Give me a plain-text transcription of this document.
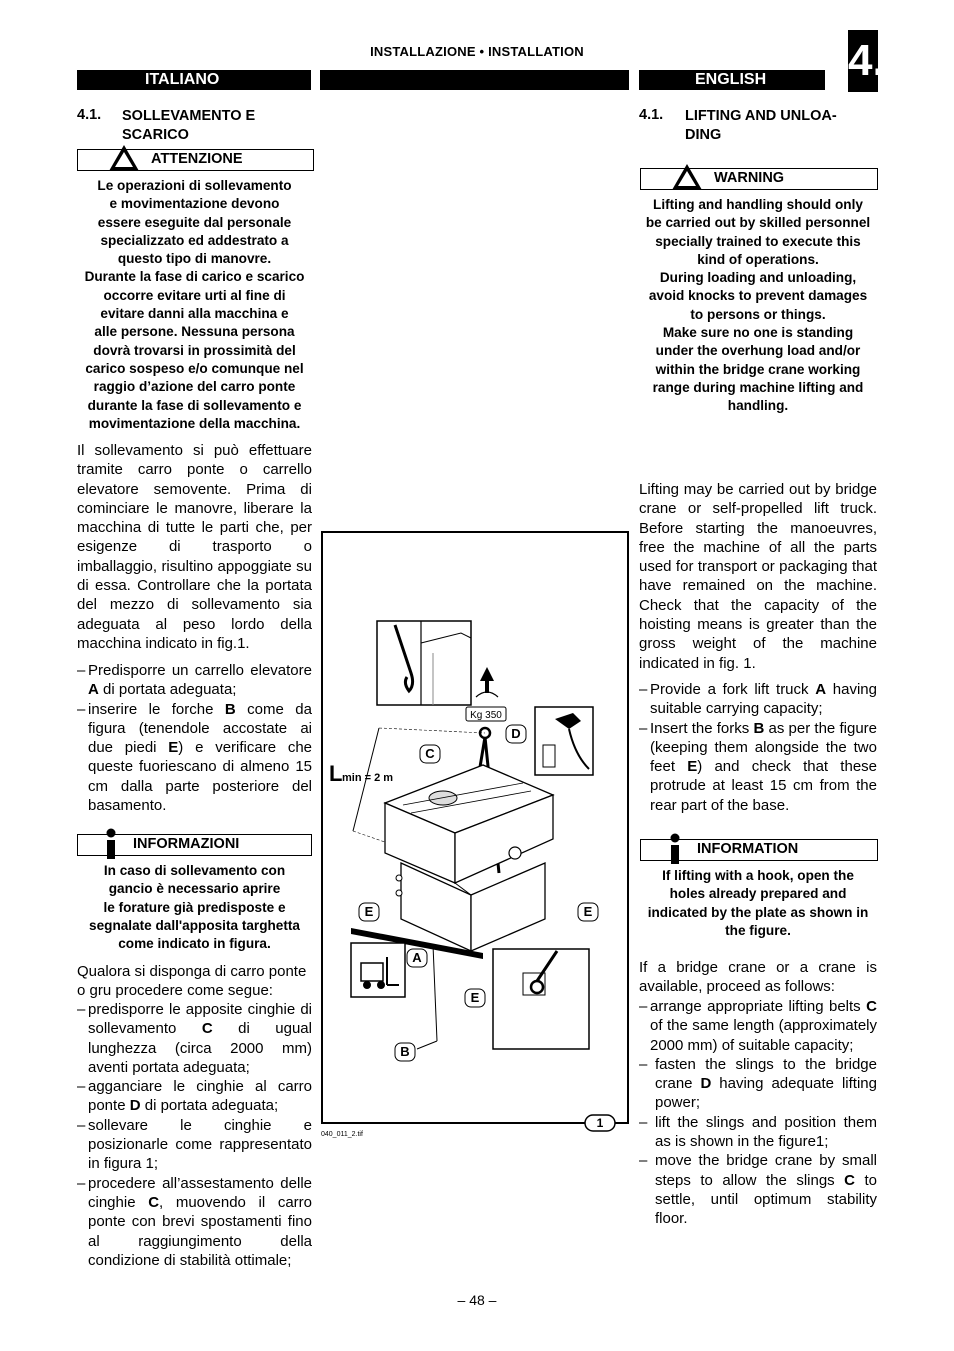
INSTALLAZIONE • INSTALLATION	4.
ITALIANO	ENGLISH
4.1. SOLLEVAMENTO E
SCARICO
ATTENZIONE
Le operazioni di sollevamento
e movimentazione devono
essere eseguite dal personale
specializzato ed addestrato a
questo tipo di manovre.
Durante la fase di carico e scarico
occorre evitare urti al fine di
evitare danni alla macchina e
alle persone. Nessuna persona
dovrà trovarsi in prossimità del
carico sospeso e/o comunque nel
raggio d’azione del carro ponte
durante la fase di sollevamento e
movimentazione della macchina.
Il sollevamento si può effettuare tramite carro ponte o carrello elevatore semovente. Prima di cominciare le manovre, liberare la macchina di tutte le parti che, per esigenze di trasporto o imballaggio, risultino appoggiate su di essa. Controllare che la portata del mezzo di sollevamento sia adeguata al peso lordo della macchina indicato in fig.1.
– Predisporre un carrello elevatore A di portata adeguata;
– inserire le forche B come da figura (tenendole accostate ai due piedi E) e verificare che queste fuoriescano di almeno 15 cm dalla parte posteriore del basamento.
INFORMAZIONI
In caso di sollevamento con
gancio è necessario aprire
le forature già predisposte e
segnalate dall'apposita targhetta
come indicato in figura.
Qualora si disponga di carro ponte o gru procedere come segue:
– predisporre le apposite cinghie di sollevamento C di ugual lunghezza (circa 2000 mm) aventi portata adeguata;
– agganciare le cinghie al carro ponte D di portata adeguata;
– sollevare le cinghie e posizionarle come rappresentato in figura 1;
– procedere all’assestamento delle cinghie C, muovendo il carro ponte con brevi spostamenti fino al raggiungimento della condizione di stabilità ottimale;
4.1. LIFTING AND UNLOA-
DING
WARNING
Lifting and handling should only
be carried out by skilled personnel
specially trained to execute this
kind of operations.
During loading and unloading,
avoid knocks to prevent damages
to persons or things.
Make sure no one is standing
under the overhung load and/or
within the bridge crane working
range during machine lifting and
handling.
Lifting may be carried out by bridge crane or self-propelled lift truck. Before starting the manoeuvres, free the machine of all the parts used for transport or packaging that have remained on the machine. Check that the capacity of the hoisting means is greater than the gross weight of the machine indicated in fig. 1.
– Provide a fork lift truck A having suitable carrying capacity;
– Insert the forks B as per the figure (keeping them alongside the two feet E) and check that these protrude at least 15 cm from the rear part of the base.
INFORMATION
If lifting with a hook, open the
holes already prepared and
indicated by the plate as shown in
the figure.
If a bridge crane or a crane is available, proceed as follows:
– arrange appropriate lifting belts C of the same length (approximately 2000 mm) of suitable capacity;
– fasten the slings to the bridge crane D having adequate lifting power;
– lift the slings and position them as is shown in the figure1;
– move the bridge crane by small steps to allow the slings C to settle, until optimum stability floor.
Kg 350
L min = 2 m
C
D
E	E
A
E
B
1
040_011_2.tif
– 48 –
